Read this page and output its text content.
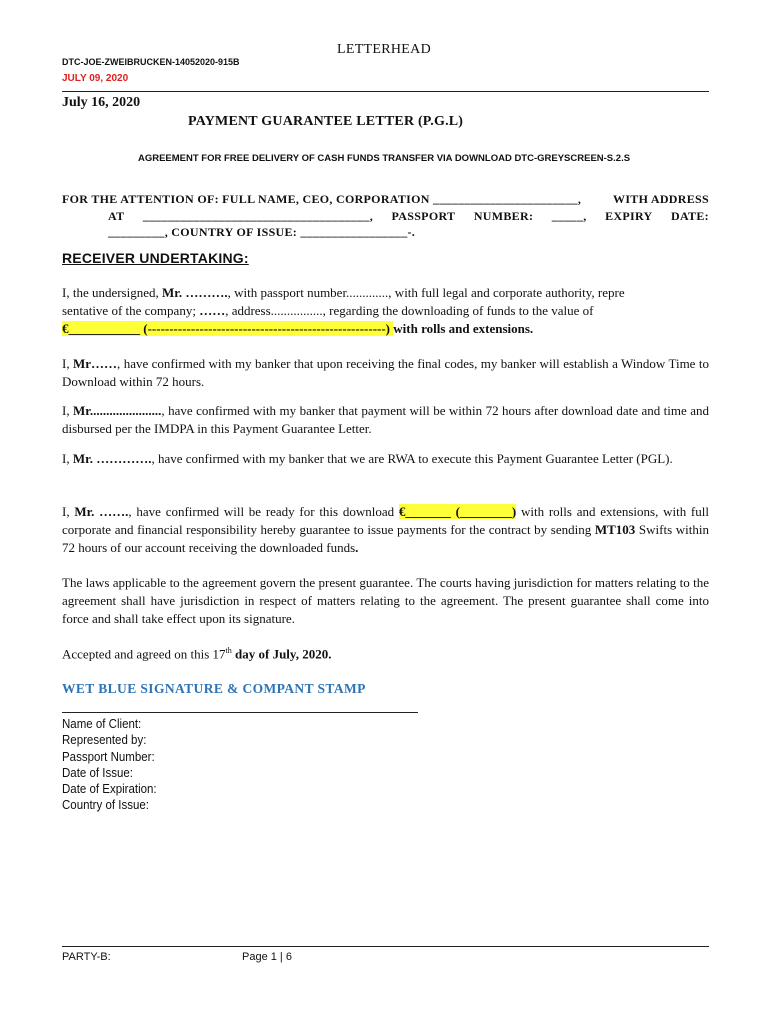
LETTERHEAD
DTC-JOE-ZWEIBRUCKEN-14052020-915B
JULY 09, 2020
July 16, 2020
PAYMENT GUARANTEE LETTER (P.G.L)
AGREEMENT FOR FREE DELIVERY OF CASH FUNDS TRANSFER VIA DOWNLOAD DTC-GREYSCREEN-S.2.S
FOR THE ATTENTION OF: FULL NAME, CEO, CORPORATION _______________________,	WITH ADDRESS
AT ____________________________________, PASSPORT NUMBER: _____, EXPIRY DATE:
_________, COUNTRY OF ISSUE: _________________-.
RECEIVER UNDERTAKING:
I, the undersigned, Mr. ………., with passport number............., with full legal and corporate authority, repre
sentative of the company; ……, address................, regarding the downloading of funds to the value of
€___________ (-------------------------------------------------------) with rolls and extensions.
I, Mr……, have confirmed with my banker that upon receiving the final codes, my banker will establish a Window Time to Download within 72 hours.
I, Mr......................, have confirmed with my banker that payment will be within 72 hours after download date and time and disbursed per the IMDPA in this Payment Guarantee Letter.
I, Mr. …………., have confirmed with my banker that we are RWA to execute this Payment Guarantee Letter (PGL).
I, Mr. ……., have confirmed will be ready for this download €_______ (________) with rolls and extensions, with full corporate and financial responsibility hereby guarantee to issue payments for the contract by sending MT103 Swifts within 72 hours of our account receiving the downloaded funds.
The laws applicable to the agreement govern the present guarantee. The courts having jurisdiction for matters relating to the agreement shall have jurisdiction in respect of matters relating to the agreement. The present guarantee shall come into force and shall take effect upon its signature.
Accepted and agreed on this 17th day of July, 2020.
WET BLUE SIGNATURE & COMPANT STAMP
Name of Client:
Represented by:
Passport Number:
Date of Issue:
Date of Expiration:
Country of Issue:
PARTY-B:	Page 1 | 6
